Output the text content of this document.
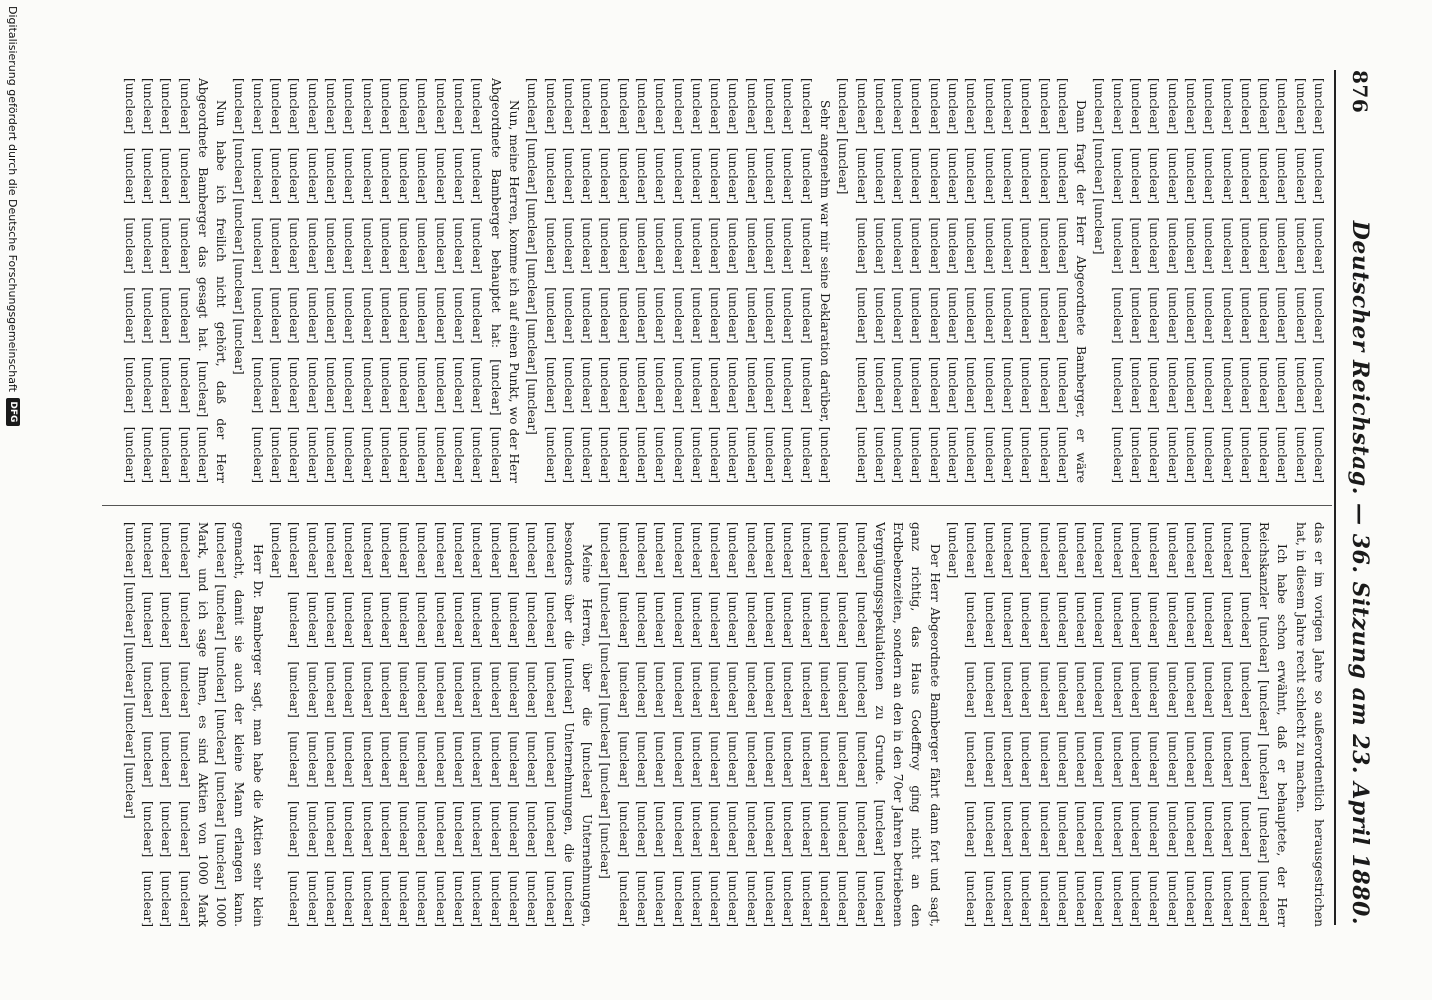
876
Deutscher Reichstag. — 36. Sitzung am 23. April 1880.

[unclear] [unclear] [unclear] [unclear] [unclear] [unclear] [unclear] [unclear] [unclear] [unclear] [unclear] [unclear] [unclear] [unclear] [unclear] [unclear] [unclear] [unclear] [unclear] [unclear] [unclear] [unclear] [unclear] [unclear] [unclear] [unclear] [unclear] [unclear] [unclear] [unclear] [unclear] [unclear] [unclear] [unclear] [unclear] [unclear] [unclear] [unclear] [unclear] [unclear] [unclear] [unclear] [unclear] [unclear] [unclear] [unclear] [unclear] [unclear] [unclear] [unclear] [unclear] [unclear] [unclear] [unclear] [unclear] [unclear] [unclear] [unclear] [unclear] [unclear] [unclear] [unclear] [unclear] [unclear] [unclear] [unclear] [unclear] [unclear] [unclear] [unclear] [unclear] [unclear] [unclear] [unclear] [unclear]

Dann fragt der Herr Abgeordnete Bamberger, er wäre [unclear] [unclear] [unclear] [unclear] [unclear] [unclear] [unclear] [unclear] [unclear] [unclear] [unclear] [unclear] [unclear] [unclear] [unclear] [unclear] [unclear] [unclear] [unclear] [unclear] [unclear] [unclear] [unclear] [unclear] [unclear] [unclear] [unclear] [unclear] [unclear] [unclear] [unclear] [unclear] [unclear] [unclear] [unclear] [unclear] [unclear] [unclear] [unclear] [unclear] [unclear] [unclear] [unclear] [unclear] [unclear] [unclear] [unclear] [unclear] [unclear] [unclear] [unclear] [unclear] [unclear] [unclear] [unclear] [unclear] [unclear] [unclear] [unclear] [unclear] [unclear] [unclear] [unclear] [unclear] [unclear] [unclear] [unclear] [unclear] [unclear] [unclear] [unclear] [unclear] [unclear] [unclear]

Sehr angenehm war mir seine Deklaration darüber, [unclear] [unclear] [unclear] [unclear] [unclear] [unclear] [unclear] [unclear] [unclear] [unclear] [unclear] [unclear] [unclear] [unclear] [unclear] [unclear] [unclear] [unclear] [unclear] [unclear] [unclear] [unclear] [unclear] [unclear] [unclear] [unclear] [unclear] [unclear] [unclear] [unclear] [unclear] [unclear] [unclear] [unclear] [unclear] [unclear] [unclear] [unclear] [unclear] [unclear] [unclear] [unclear] [unclear] [unclear] [unclear] [unclear] [unclear] [unclear] [unclear] [unclear] [unclear] [unclear] [unclear] [unclear] [unclear] [unclear] [unclear] [unclear] [unclear] [unclear] [unclear] [unclear] [unclear] [unclear] [unclear] [unclear] [unclear] [unclear] [unclear] [unclear] [unclear] [unclear] [unclear] [unclear] [unclear] [unclear] [unclear] [unclear] [unclear] [unclear] [unclear] [unclear] [unclear] [unclear] [unclear] [unclear] [unclear] [unclear] [unclear] [unclear] [unclear] [unclear] [unclear] [unclear] [unclear] [unclear] [unclear]

Nun, meine Herren, komme ich auf einen Punkt, wo der Herr Abgeordnete Bamberger behauptet hat: [unclear] [unclear] [unclear] [unclear] [unclear] [unclear] [unclear] [unclear] [unclear] [unclear] [unclear] [unclear] [unclear] [unclear] [unclear] [unclear] [unclear] [unclear] [unclear] [unclear] [unclear] [unclear] [unclear] [unclear] [unclear] [unclear] [unclear] [unclear] [unclear] [unclear] [unclear] [unclear] [unclear] [unclear] [unclear] [unclear] [unclear] [unclear] [unclear] [unclear] [unclear] [unclear] [unclear] [unclear] [unclear] [unclear] [unclear] [unclear] [unclear] [unclear] [unclear] [unclear] [unclear] [unclear] [unclear] [unclear] [unclear] [unclear] [unclear] [unclear] [unclear] [unclear] [unclear] [unclear] [unclear] [unclear] [unclear] [unclear] [unclear] [unclear] [unclear] [unclear] [unclear] [unclear] [unclear] [unclear] [unclear] [unclear] [unclear] [unclear] [unclear] [unclear] [unclear] [unclear] [unclear]

Nun habe ich freilich nicht gehört, daß der Herr Abgeordnete Bamberger das gesagt hat. [unclear] [unclear] [unclear] [unclear] [unclear] [unclear] [unclear] [unclear] [unclear] [unclear] [unclear] [unclear] [unclear] [unclear] [unclear] [unclear] [unclear] [unclear] [unclear] [unclear] [unclear] [unclear] [unclear] [unclear] [unclear] [unclear]

das er im vorigen Jahre so außerordentlich herausgestrichen hat, in diesem Jahre recht schlecht zu machen.

Ich habe schon erwähnt, daß er behauptete, der Herr Reichskanzler [unclear] [unclear] [unclear] [unclear] [unclear] [unclear] [unclear] [unclear] [unclear] [unclear] [unclear] [unclear] [unclear] [unclear] [unclear] [unclear] [unclear] [unclear] [unclear] [unclear] [unclear] [unclear] [unclear] [unclear] [unclear] [unclear] [unclear] [unclear] [unclear] [unclear] [unclear] [unclear] [unclear] [unclear] [unclear] [unclear] [unclear] [unclear] [unclear] [unclear] [unclear] [unclear] [unclear] [unclear] [unclear] [unclear] [unclear] [unclear] [unclear] [unclear] [unclear] [unclear] [unclear] [unclear] [unclear] [unclear] [unclear] [unclear] [unclear] [unclear] [unclear] [unclear] [unclear] [unclear] [unclear] [unclear] [unclear] [unclear] [unclear] [unclear] [unclear] [unclear] [unclear] [unclear] [unclear] [unclear] [unclear] [unclear] [unclear] [unclear] [unclear] [unclear] [unclear] [unclear] [unclear] [unclear] [unclear] [unclear] [unclear] [unclear] [unclear] [unclear] [unclear] [unclear] [unclear] [unclear] [unclear] [unclear] [unclear] [unclear] [unclear] [unclear]

Der Herr Abgeordnete Bamberger fährt dann fort und sagt, ganz richtig, das Haus Godeffroy ging nicht an den Erdbebenzeiten, sondern an den in den 70er Jahren betriebenen Vergnügungsspekulationen zu Grunde. [unclear] [unclear] [unclear] [unclear] [unclear] [unclear] [unclear] [unclear] [unclear] [unclear] [unclear] [unclear] [unclear] [unclear] [unclear] [unclear] [unclear] [unclear] [unclear] [unclear] [unclear] [unclear] [unclear] [unclear] [unclear] [unclear] [unclear] [unclear] [unclear] [unclear] [unclear] [unclear] [unclear] [unclear] [unclear] [unclear] [unclear] [unclear] [unclear] [unclear] [unclear] [unclear] [unclear] [unclear] [unclear] [unclear] [unclear] [unclear] [unclear] [unclear] [unclear] [unclear] [unclear] [unclear] [unclear] [unclear] [unclear] [unclear] [unclear] [unclear] [unclear] [unclear] [unclear] [unclear] [unclear] [unclear] [unclear] [unclear] [unclear] [unclear] [unclear] [unclear] [unclear] [unclear] [unclear] [unclear] [unclear] [unclear] [unclear] [unclear] [unclear] [unclear] [unclear] [unclear] [unclear] [unclear] [unclear] [unclear] [unclear] [unclear] [unclear] [unclear]

Meine Herren, über die [unclear] Unternehmungen, besonders über die [unclear] Unternehmungen, die [unclear] [unclear] [unclear] [unclear] [unclear] [unclear] [unclear] [unclear] [unclear] [unclear] [unclear] [unclear] [unclear] [unclear] [unclear] [unclear] [unclear] [unclear] [unclear] [unclear] [unclear] [unclear] [unclear] [unclear] [unclear] [unclear] [unclear] [unclear] [unclear] [unclear] [unclear] [unclear] [unclear] [unclear] [unclear] [unclear] [unclear] [unclear] [unclear] [unclear] [unclear] [unclear] [unclear] [unclear] [unclear] [unclear] [unclear] [unclear] [unclear] [unclear] [unclear] [unclear] [unclear] [unclear] [unclear] [unclear] [unclear] [unclear] [unclear] [unclear] [unclear] [unclear] [unclear] [unclear] [unclear] [unclear] [unclear] [unclear] [unclear] [unclear] [unclear] [unclear] [unclear] [unclear] [unclear] [unclear] [unclear] [unclear] [unclear] [unclear] [unclear] [unclear] [unclear] [unclear] [unclear] [unclear] [unclear] [unclear] [unclear] [unclear] [unclear] [unclear]

Herr Dr. Bamberger sagt, man habe die Aktien sehr klein gemacht, damit sie auch der kleine Mann erlangen kann. [unclear] [unclear] [unclear] [unclear] [unclear] [unclear] 1000 Mark, und ich sage Ihnen, es sind Aktien von 1000 Mark [unclear] [unclear] [unclear] [unclear] [unclear] [unclear] [unclear] [unclear] [unclear] [unclear] [unclear] [unclear] [unclear] [unclear] [unclear] [unclear] [unclear] [unclear] [unclear] [unclear] [unclear] [unclear] [unclear]

Digitalisierung gefördert durch die Deutsche Forschungsgemeinschaft
DFG
